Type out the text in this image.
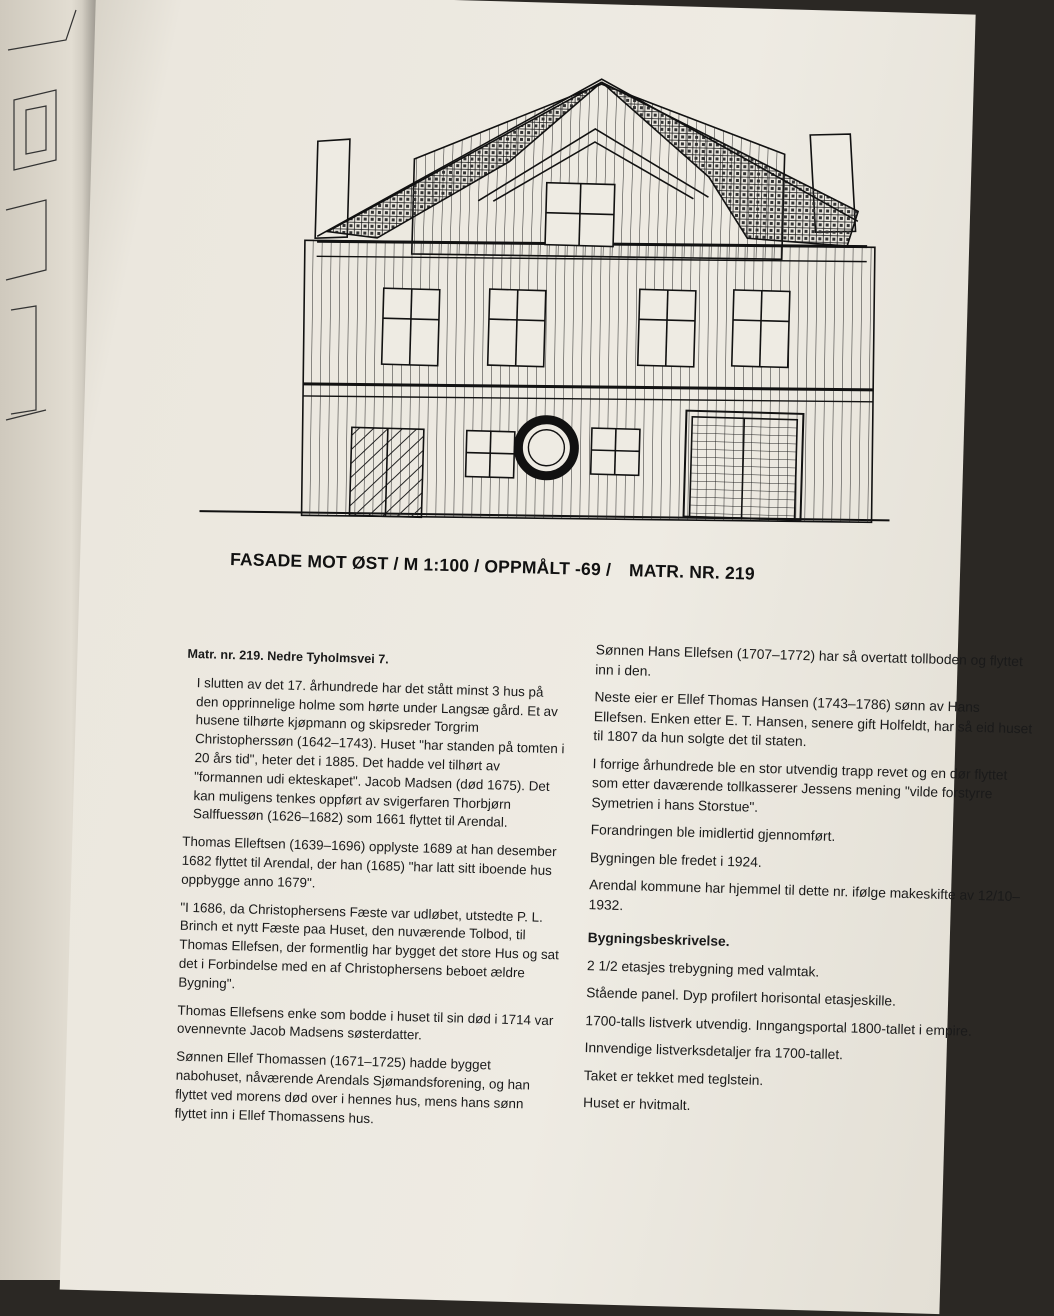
FASADE MOT ØST / M 1:100 / OPPMÅLT -69 / MATR. NR. 219

Matr. nr. 219. Nedre Tyholmsvei 7.

I slutten av det 17. århundrede har det stått minst 3 hus på den opprinnelige holme som hørte under Langsæ gård. Et av husene tilhørte kjøpmann og skipsreder Torgrim Christopherssøn (1642–1743). Huset "har standen på tomten i 20 års tid", heter det i 1885. Det hadde vel tilhørt av "formannen udi ekteskapet". Jacob Madsen (død 1675). Det kan muligens tenkes oppført av svigerfaren Thorbjørn Salffuessøn (1626–1682) som 1661 flyttet til Arendal.

Thomas Elleftsen (1639–1696) opplyste 1689 at han desember 1682 flyttet til Arendal, der han (1685) "har latt sitt iboende hus oppbygge anno 1679".

"I 1686, da Christophersens Fæste var udløbet, utstedte P. L. Brinch et nytt Fæste paa Huset, den nuværende Tolbod, til Thomas Ellefsen, der formentlig har bygget det store Hus og sat det i Forbindelse med en af Christophersens beboet ældre Bygning".

Thomas Ellefsens enke som bodde i huset til sin død i 1714 var ovennevnte Jacob Madsens søsterdatter.

Sønnen Ellef Thomassen (1671–1725) hadde bygget nabohuset, nåværende Arendals Sjømandsforening, og han flyttet ved morens død over i hennes hus, mens hans sønn flyttet inn i Ellef Thomassens hus.

Sønnen Hans Ellefsen (1707–1772) har så overtatt tollboden og flyttet inn i den.

Neste eier er Ellef Thomas Hansen (1743–1786) sønn av Hans Ellefsen. Enken etter E. T. Hansen, senere gift Holfeldt, har så eid huset til 1807 da hun solgte det til staten.

I forrige århundrede ble en stor utvendig trapp revet og en dør flyttet som etter daværende tollkasserer Jessens mening "vilde forstyrre Symetrien i hans Storstue".

Forandringen ble imidlertid gjennomført.

Bygningen ble fredet i 1924.

Arendal kommune har hjemmel til dette nr. ifølge makeskifte av 12/10–1932.

Bygningsbeskrivelse.

2 1/2 etasjes trebygning med valmtak.

Stående panel. Dyp profilert horisontal etasjeskille.

1700-talls listverk utvendig. Inngangsportal 1800-tallet i empire.

Innvendige listverksdetaljer fra 1700-tallet.

Taket er tekket med teglstein.

Huset er hvitmalt.
